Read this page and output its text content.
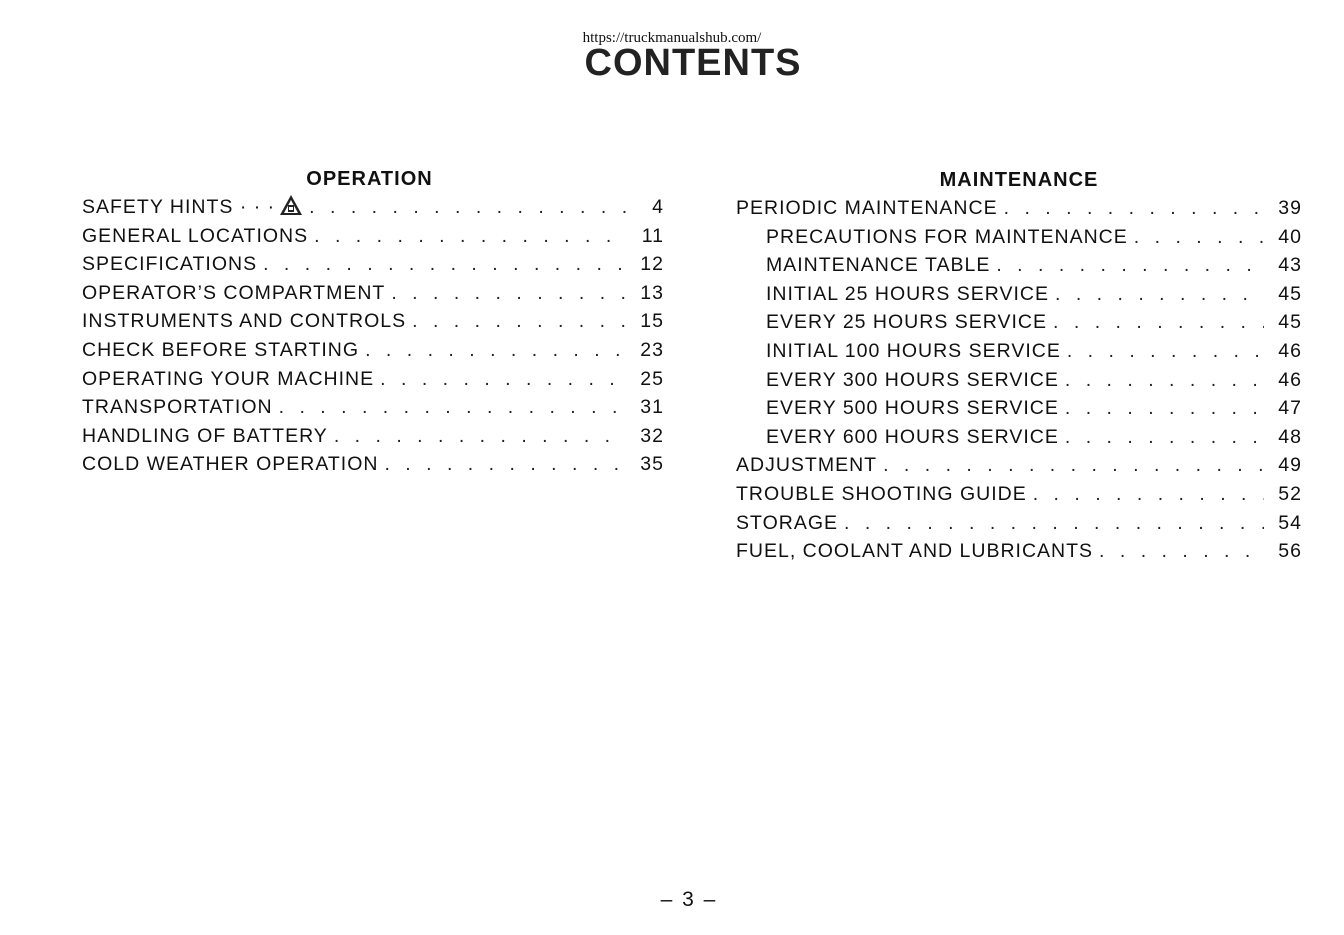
https://truckmanualshub.com/
CONTENTS
OPERATION
SAFETY HINTS · · · . . .	4
GENERAL LOCATIONS . . .	11
SPECIFICATIONS . . .	12
OPERATOR’S COMPARTMENT . . .	13
INSTRUMENTS AND CONTROLS . . .	15
CHECK BEFORE STARTING . . .	23
OPERATING YOUR MACHINE . . .	25
TRANSPORTATION . . .	31
HANDLING OF BATTERY . . .	32
COLD WEATHER OPERATION . . .	35
MAINTENANCE
PERIODIC MAINTENANCE . . .	39
PRECAUTIONS FOR MAINTENANCE . . .	40
MAINTENANCE TABLE . . .	43
INITIAL 25 HOURS SERVICE . . .	45
EVERY 25 HOURS SERVICE . . .	45
INITIAL 100 HOURS SERVICE . . .	46
EVERY 300 HOURS SERVICE . . .	46
EVERY 500 HOURS SERVICE . . .	47
EVERY 600 HOURS SERVICE . . .	48
ADJUSTMENT . . .	49
TROUBLE SHOOTING GUIDE . . .	52
STORAGE . . .	54
FUEL, COOLANT AND LUBRICANTS . . .	56
– 3 –
